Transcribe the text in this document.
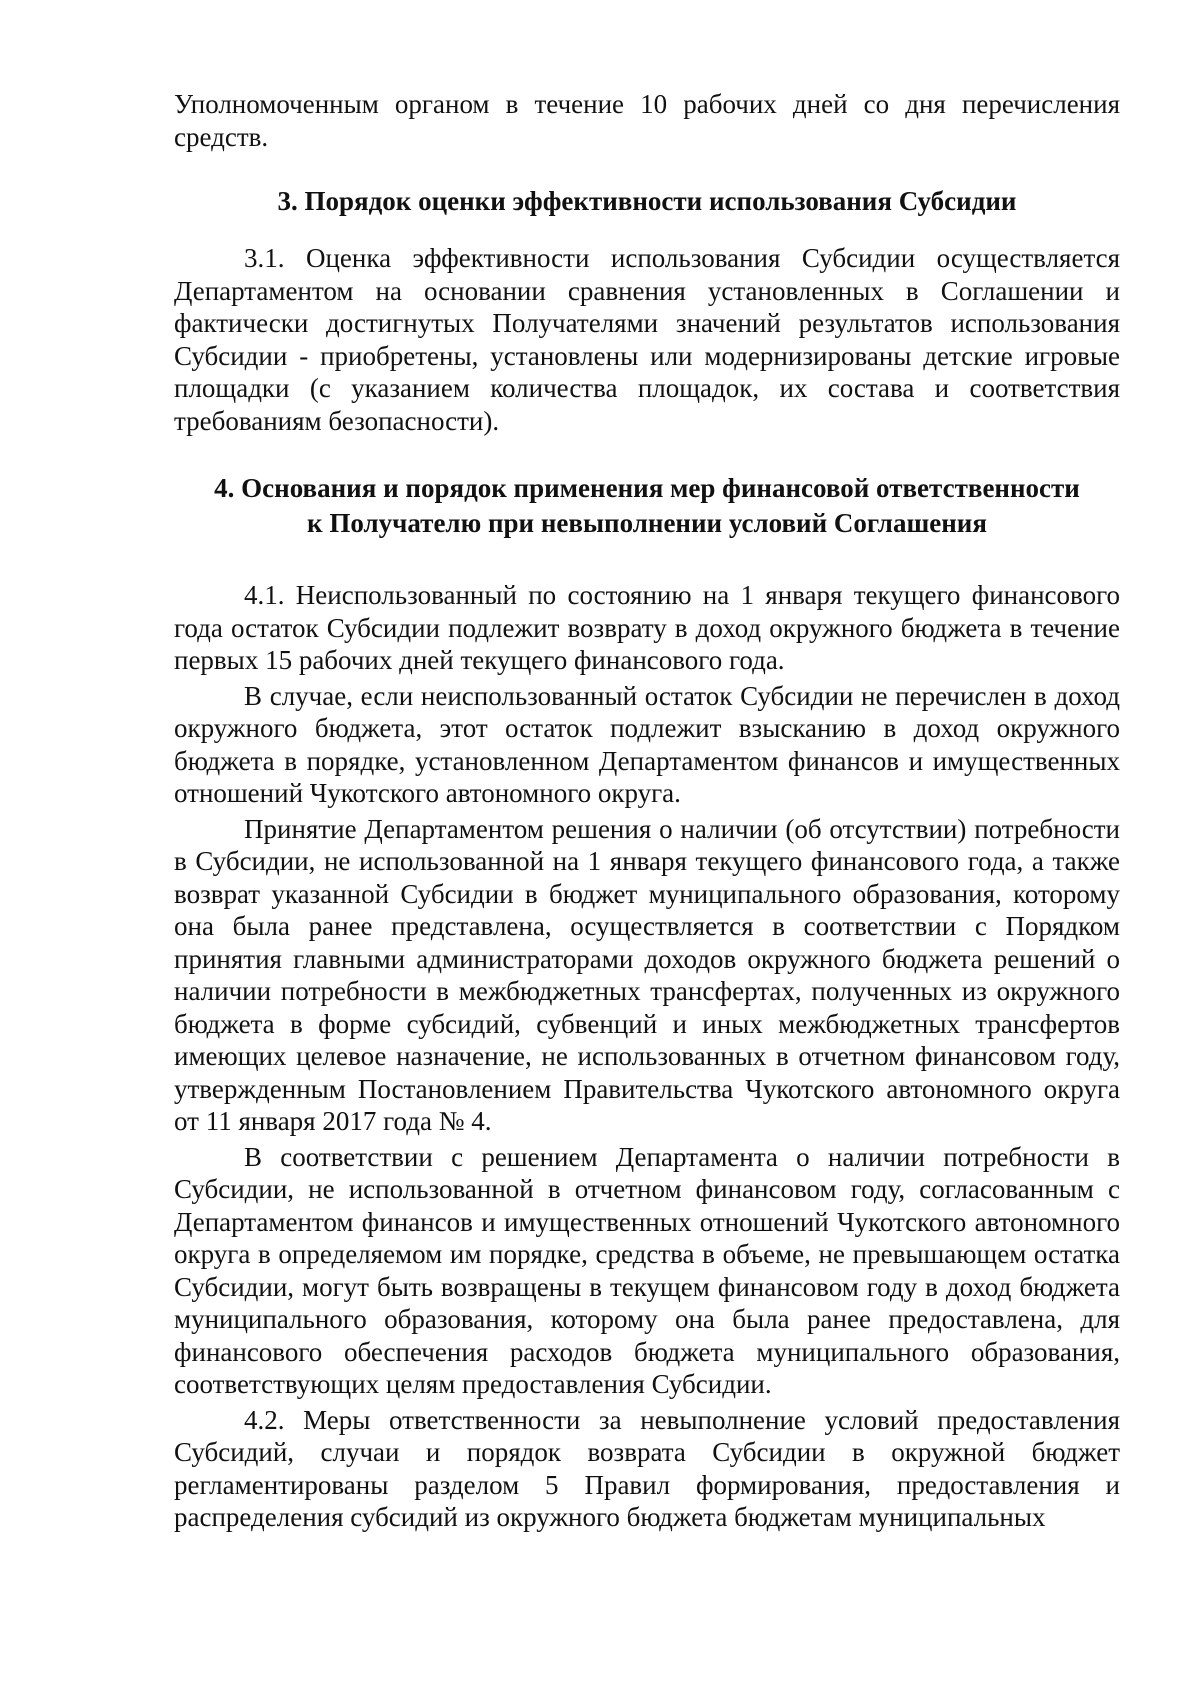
Уполномоченным органом в течение 10 рабочих дней со дня перечисления средств.

3. Порядок оценки эффективности использования Субсидии

3.1. Оценка эффективности использования Субсидии осуществляется Департаментом на основании сравнения установленных в Соглашении и фактически достигнутых Получателями значений результатов использования Субсидии - приобретены, установлены или модернизированы детские игровые площадки (с указанием количества площадок, их состава и соответствия требованиям безопасности).

4. Основания и порядок применения мер финансовой ответственности
к Получателю при невыполнении условий Соглашения

4.1. Неиспользованный по состоянию на 1 января текущего финансового года остаток Субсидии подлежит возврату в доход окружного бюджета в течение первых 15 рабочих дней текущего финансового года.

В случае, если неиспользованный остаток Субсидии не перечислен в доход окружного бюджета, этот остаток подлежит взысканию в доход окружного бюджета в порядке, установленном Департаментом финансов и имущественных отношений Чукотского автономного округа.

Принятие Департаментом решения о наличии (об отсутствии) потребности в Субсидии, не использованной на 1 января текущего финансового года, а также возврат указанной Субсидии в бюджет муниципального образования, которому она была ранее представлена, осуществляется в соответствии с Порядком принятия главными администраторами доходов окружного бюджета решений о наличии потребности в межбюджетных трансфертах, полученных из окружного бюджета в форме субсидий, субвенций и иных межбюджетных трансфертов имеющих целевое назначение, не использованных в отчетном финансовом году, утвержденным Постановлением Правительства Чукотского автономного округа от 11 января 2017 года № 4.

В соответствии с решением Департамента о наличии потребности в Субсидии, не использованной в отчетном финансовом году, согласованным с Департаментом финансов и имущественных отношений Чукотского автономного округа в определяемом им порядке, средства в объеме, не превышающем остатка Субсидии, могут быть возвращены в текущем финансовом году в доход бюджета муниципального образования, которому она была ранее предоставлена, для финансового обеспечения расходов бюджета муниципального образования, соответствующих целям предоставления Субсидии.

4.2. Меры ответственности за невыполнение условий предоставления Субсидий, случаи и порядок возврата Субсидии в окружной бюджет регламентированы разделом 5 Правил формирования, предоставления и распределения субсидий из окружного бюджета бюджетам муниципальных
